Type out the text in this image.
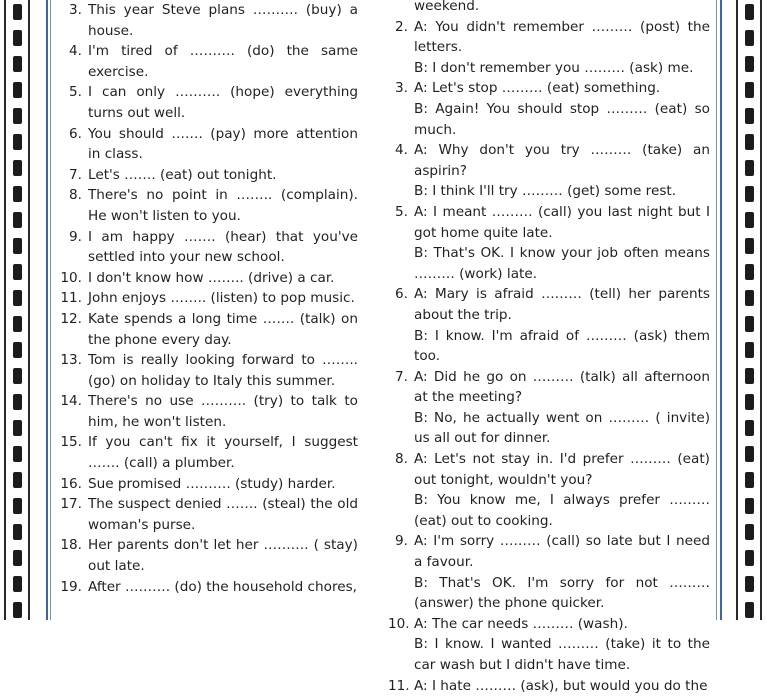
3. This year Steve plans ………. (buy) a house.
4. I'm tired of ………. (do) the same exercise.
5. I can only ………. (hope) everything turns out well.
6. You should ……. (pay) more attention in class.
7. Let's ……. (eat) out tonight.
8. There's no point in …….. (complain). He won't listen to you.
9. I am happy ……. (hear) that you've settled into your new school.
10. I don't know how …….. (drive) a car.
11. John enjoys …….. (listen) to pop music.
12. Kate spends a long time ……. (talk) on the phone every day.
13. Tom is really looking forward to …….. (go) on holiday to Italy this summer.
14. There's no use ………. (try) to talk to him, he won't listen.
15. If you can't fix it yourself, I suggest ……. (call) a plumber.
16. Sue promised ………. (study) harder.
17. The suspect denied ……. (steal) the old woman's purse.
18. Her parents don't let her ………. ( stay) out late.
19. After ………. (do) the household chores,
weekend.
2. A: You didn't remember ……… (post) the letters.
B: I don't remember you ……… (ask) me.
3. A: Let's stop ……… (eat) something.
B: Again! You should stop ……… (eat) so much.
4. A: Why don't you try ……… (take) an aspirin?
B: I think I'll try ……… (get) some rest.
5. A: I meant ……… (call) you last night but I got home quite late.
B: That's OK. I know your job often means ……… (work) late.
6. A: Mary is afraid ……… (tell) her parents about the trip.
B: I know. I'm afraid of ……… (ask) them too.
7. A: Did he go on ……… (talk) all afternoon at the meeting?
B: No, he actually went on ……… ( invite) us all out for dinner.
8. A: Let's not stay in. I'd prefer ……… (eat) out tonight, wouldn't you?
B: You know me, I always prefer ……… (eat) out to cooking.
9. A: I'm sorry ……… (call) so late but I need a favour.
B: That's OK. I'm sorry for not ……… (answer) the phone quicker.
10. A: The car needs ……… (wash).
B: I know. I wanted ……… (take) it to the car wash but I didn't have time.
11. A: I hate ……… (ask), but would you do the
